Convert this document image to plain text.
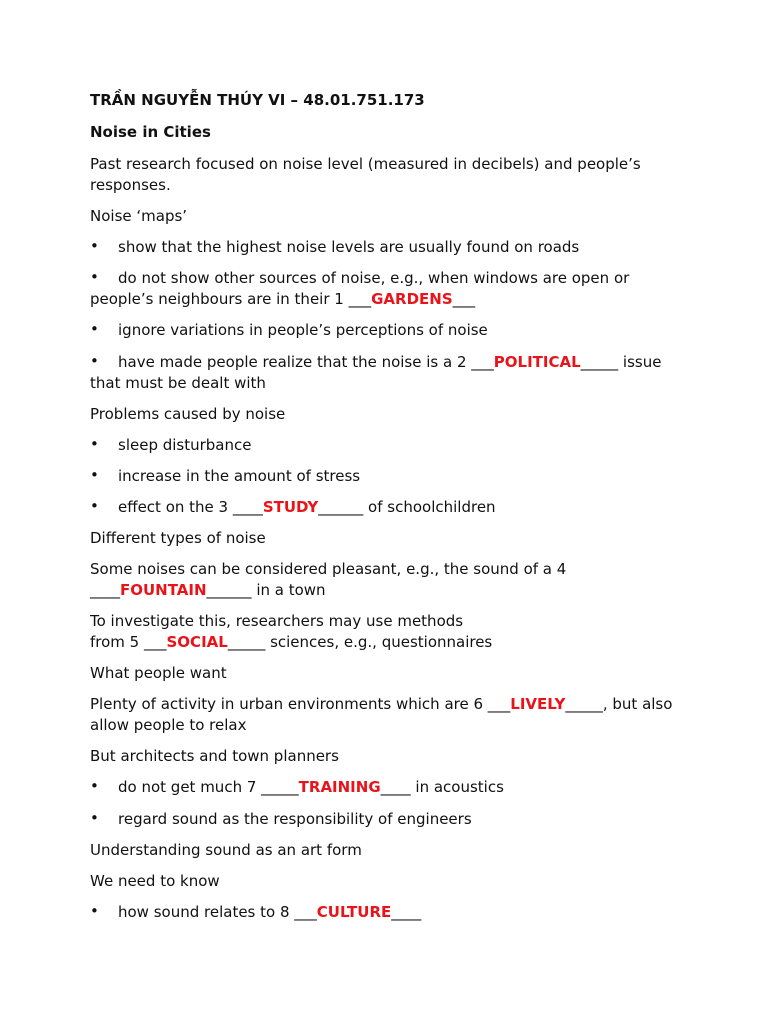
TRẦN NGUYỄN THÚY VI – 48.01.751.173
Noise in Cities
Past research focused on noise level (measured in decibels) and people’s
responses.
Noise ‘maps’
• show that the highest noise levels are usually found on roads
• do not show other sources of noise, e.g., when windows are open or
people’s neighbours are in their 1 ___GARDENS___
• ignore variations in people’s perceptions of noise
• have made people realize that the noise is a 2 ___POLITICAL_____ issue
that must be dealt with
Problems caused by noise
• sleep disturbance
• increase in the amount of stress
• effect on the 3 ____STUDY______ of schoolchildren
Different types of noise
Some noises can be considered pleasant, e.g., the sound of a 4
____FOUNTAIN______ in a town
To investigate this, researchers may use methods
from 5 ___SOCIAL_____ sciences, e.g., questionnaires
What people want
Plenty of activity in urban environments which are 6 ___LIVELY_____, but also
allow people to relax
But architects and town planners
• do not get much 7 _____TRAINING____ in acoustics
• regard sound as the responsibility of engineers
Understanding sound as an art form
We need to know
• how sound relates to 8 ___CULTURE____
